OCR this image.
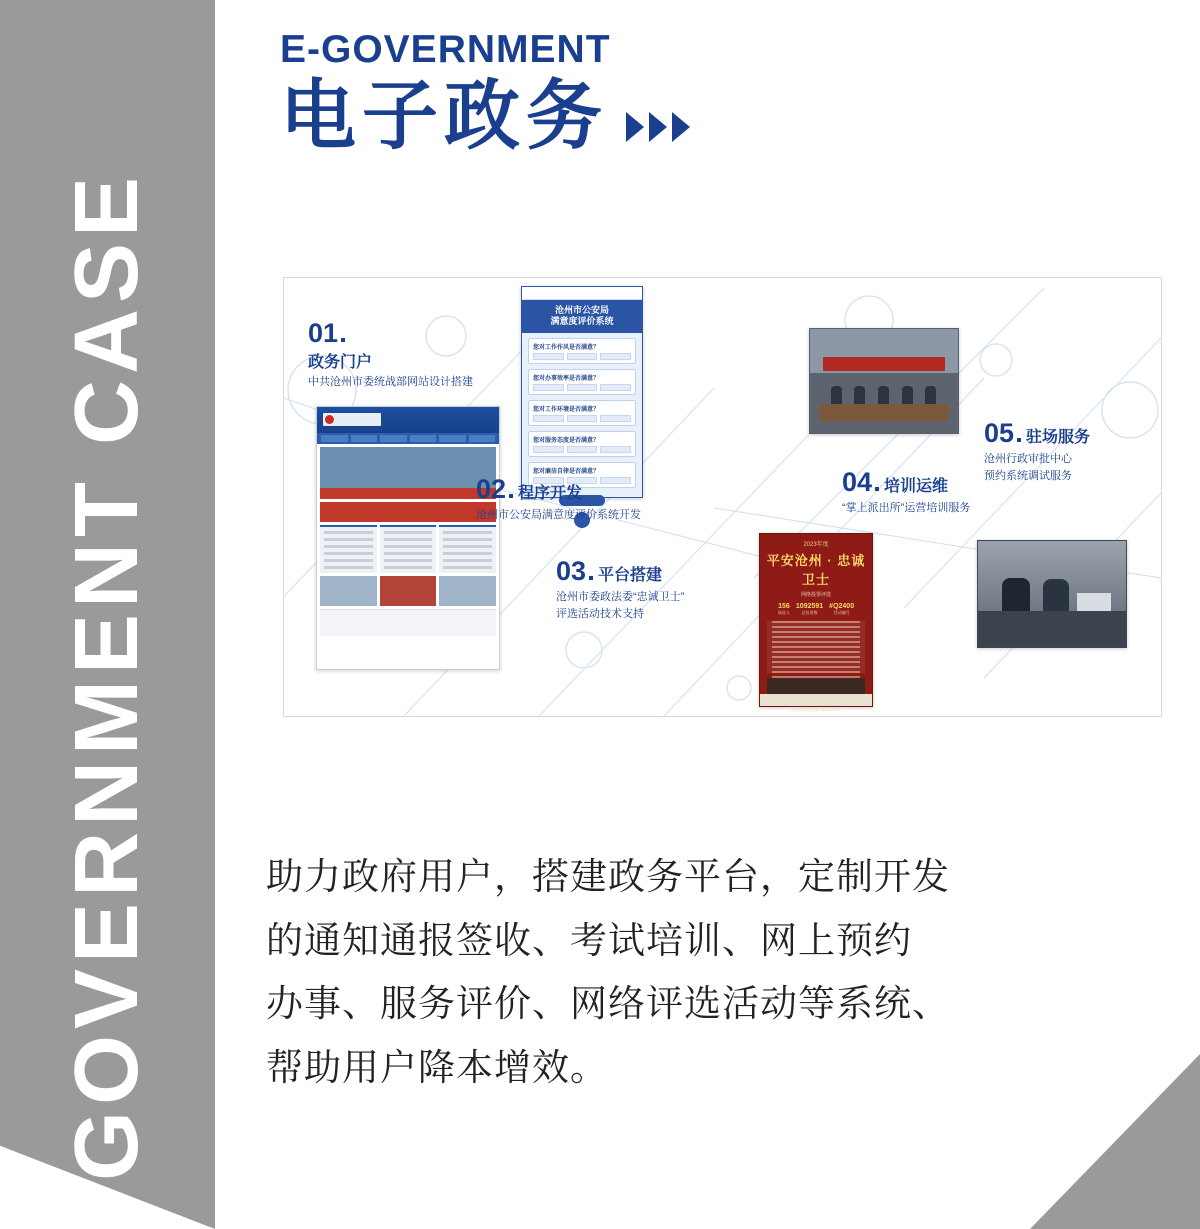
GOVERNMENT CASE
E-GOVERNMENT
电子政务
沧州市公安局
满意度评价系统
您对工作作风是否满意？
您对办事效率是否满意？
您对工作环境是否满意？
您对服务态度是否满意？
您对廉洁自律是否满意？
2023年度
平安沧州 · 忠诚卫士
网络投票评选
156
候选人
1092591
总投票数
#Q2400
活动编号
沧州市委政法委 2023年10月
01
政务门户
中共沧州市委统战部网站设计搭建
02 程序开发
沧州市公安局满意度评价系统开发
03 平台搭建
沧州市委政法委“忠诚卫士”
评选活动技术支持
04 培训运维
“掌上派出所”运营培训服务
05 驻场服务
沧州行政审批中心
预约系统调试服务

助力政府用户，搭建政务平台，定制开发

的通知通报签收、考试培训、网上预约

办事、服务评价、网络评选活动等系统、

帮助用户降本增效。
